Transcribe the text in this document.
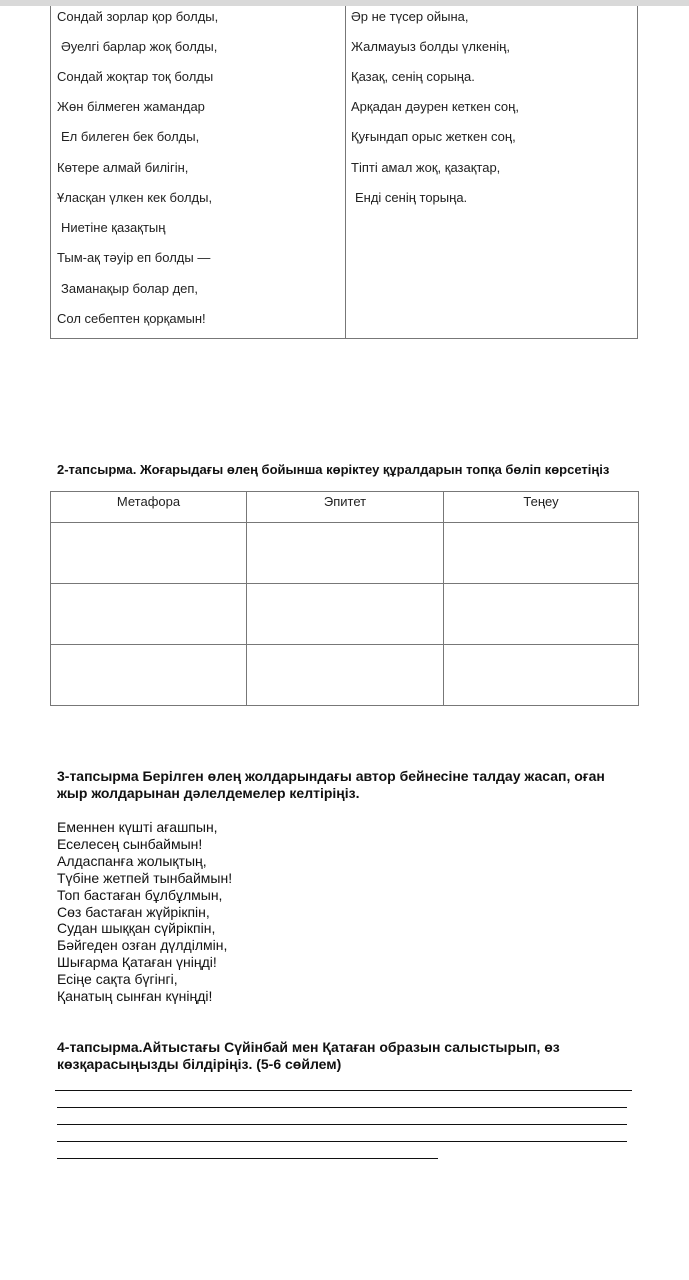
Сондай зорлар қор болды,
Әуелгі барлар жоқ болды,
Сондай жоқтар тоқ болды
Жөн білмеген жамандар
Ел билеген бек болды,
Көтере алмай билігін,
Ұласқан үлкен кек болды,
Ниетіне қазақтың
Тым-ақ тәуір еп болды —
Заманақыр болар деп,
Сол себептен қорқамын!
Әр не түсер ойына,
Жалмауыз болды үлкенің,
Қазақ, сенің сорыңа.
Арқадан дәурен кеткен соң,
Қуғындап орыс жеткен соң,
Тіпті амал жоқ, қазақтар,
Енді сенің торыңа.
2-тапсырма. Жоғарыдағы өлең бойынша көріктеу құралдарын топқа бөліп көрсетіңіз
Метафора	Эпитет	Теңеу
3-тапсырма Берілген өлең жолдарындағы автор бейнесіне талдау жасап, оған
жыр жолдарынан дәлелдемелер келтіріңіз.
Еменнен күшті ағашпын,
Еселесең сынбаймын!
Алдаспанға жолықтың,
Түбіне жетпей тынбаймын!
Топ бастаған бұлбұлмын,
Сөз бастаған жүйрікпін,
Судан шыққан сүйрікпін,
Бәйгеден озған дүлділмін,
Шығарма Қатаған үніңді!
Есіңе сақта бүгінгі,
Қанатың сынған күніңді!
4-тапсырма.Айтыстағы Сүйінбай мен Қатаған образын салыстырып, өз
көзқарасыңызды білдіріңіз. (5-6 сөйлем)
